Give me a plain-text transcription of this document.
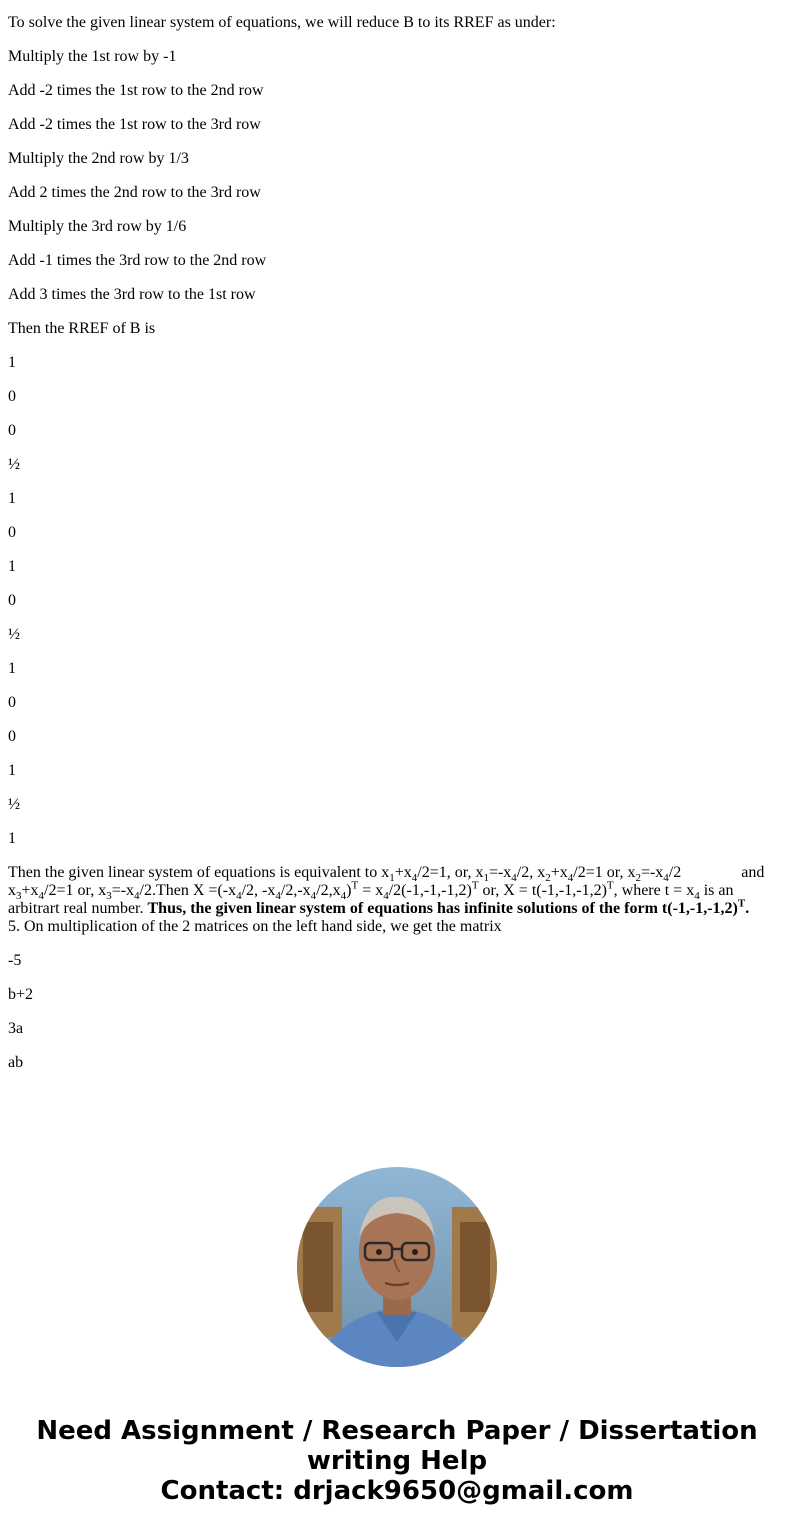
To solve the given linear system of equations, we will reduce B to its RREF as under:

Multiply the 1st row by -1

Add -2 times the 1st row to the 2nd row

Add -2 times the 1st row to the 3rd row

Multiply the 2nd row by 1/3

Add 2 times the 2nd row to the 3rd row

Multiply the 3rd row by 1/6

Add -1 times the 3rd row to the 2nd row

Add 3 times the 3rd row to the 1st row

Then the RREF of B is

1

0

0

½

1

0

1

0

½

1

0

0

1

½

1

Then the given linear system of equations is equivalent to $x_1+x_4/2=1$, or, $x_1=-x_4/2$, $x_2+x_4/2=1$ or, $x_2=-x_4/2$	and $x_3+x_4/2=1$ or, $x_3=-x_4/2.Then$ $X =(-x_4/2$, $-x_4/2,-x_4/2,x_4)^T = x_4/2(-1,-1,-1,2)^T$ or, $X = t(-1,-1,-1,2)^T$, where $t = x_4$ is an arbitrart real number. Thus, the given linear system of equations has infinite solutions of the form $t(-1,-1,-1,2)^T$.

5. On multiplication of the 2 matrices on the left hand side, we get the matrix

-5

b+2

3a

ab

Need Assignment / Research Paper / Dissertation
writing Help
Contact: drjack9650@gmail.com
